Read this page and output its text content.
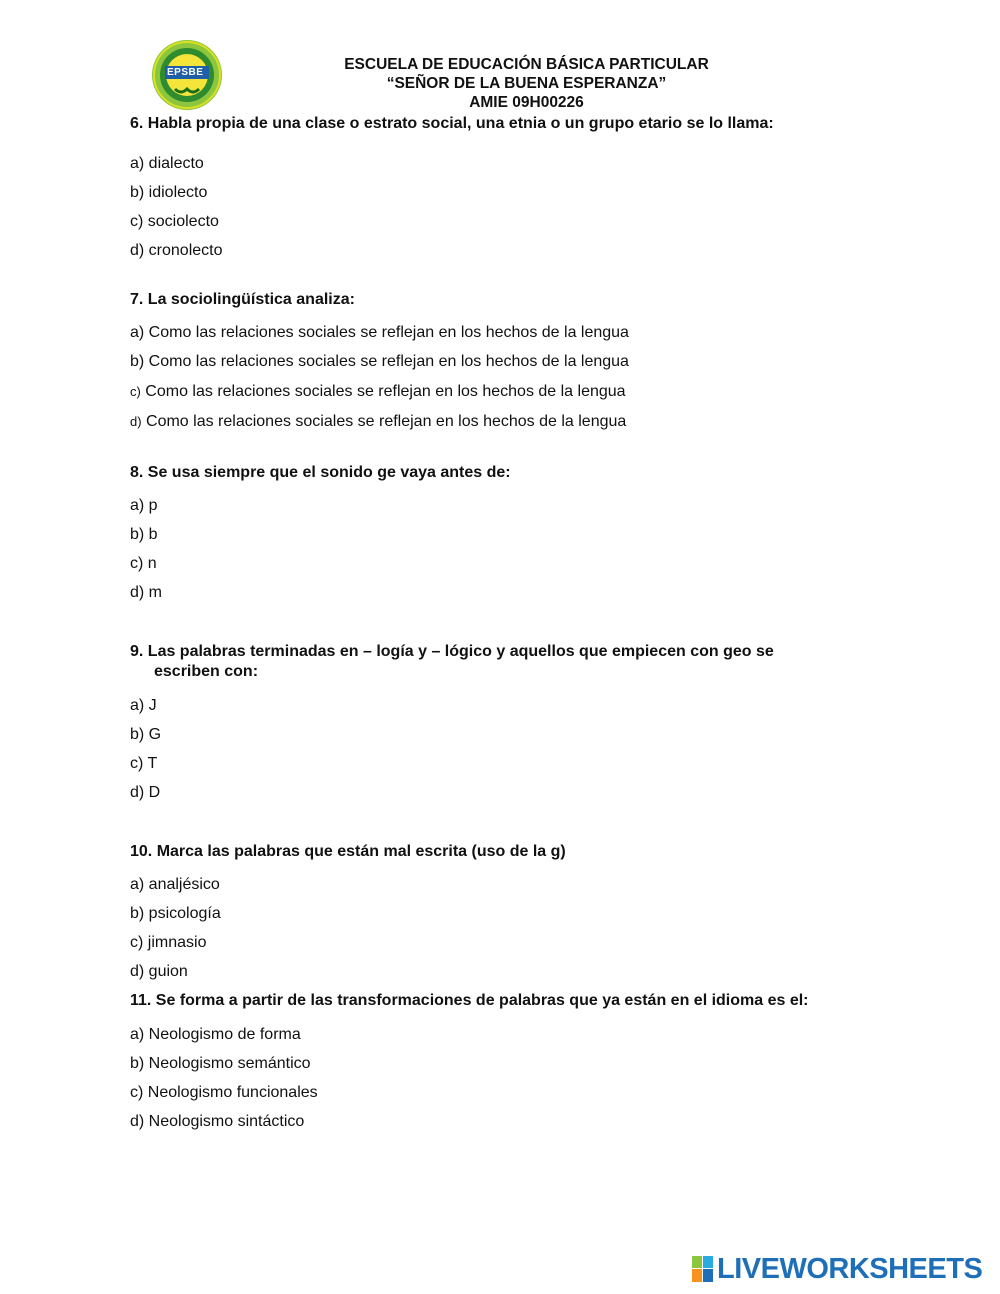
EPSBE	ESCUELA DE EDUCACIÓN BÁSICA PARTICULAR
“SEÑOR DE LA BUENA ESPERANZA”
AMIE 09H00226
6. Habla propia de una clase o estrato social, una etnia o un grupo etario se lo llama:
a) dialecto
b) idiolecto
c) sociolecto
d) cronolecto
7. La sociolingüística analiza:
a) Como las relaciones sociales se reflejan en los hechos de la lengua
b) Como las relaciones sociales se reflejan en los hechos de la lengua
c) Como las relaciones sociales se reflejan en los hechos de la lengua
d) Como las relaciones sociales se reflejan en los hechos de la lengua
8. Se usa siempre que el sonido ge vaya antes de:
a) p
b) b
c) n
d) m
9. Las palabras terminadas en – logía y – lógico y aquellos que empiecen con geo se
escriben con:
a) J
b) G
c) T
d) D
10. Marca las palabras que están mal escrita (uso de la g)
a) analjésico
b) psicología
c) jimnasio
d) guion
11. Se forma a partir de las transformaciones de palabras que ya están en el idioma es el:
a) Neologismo de forma
b) Neologismo semántico
c) Neologismo funcionales
d) Neologismo sintáctico
LIVEWORKSHEETS
